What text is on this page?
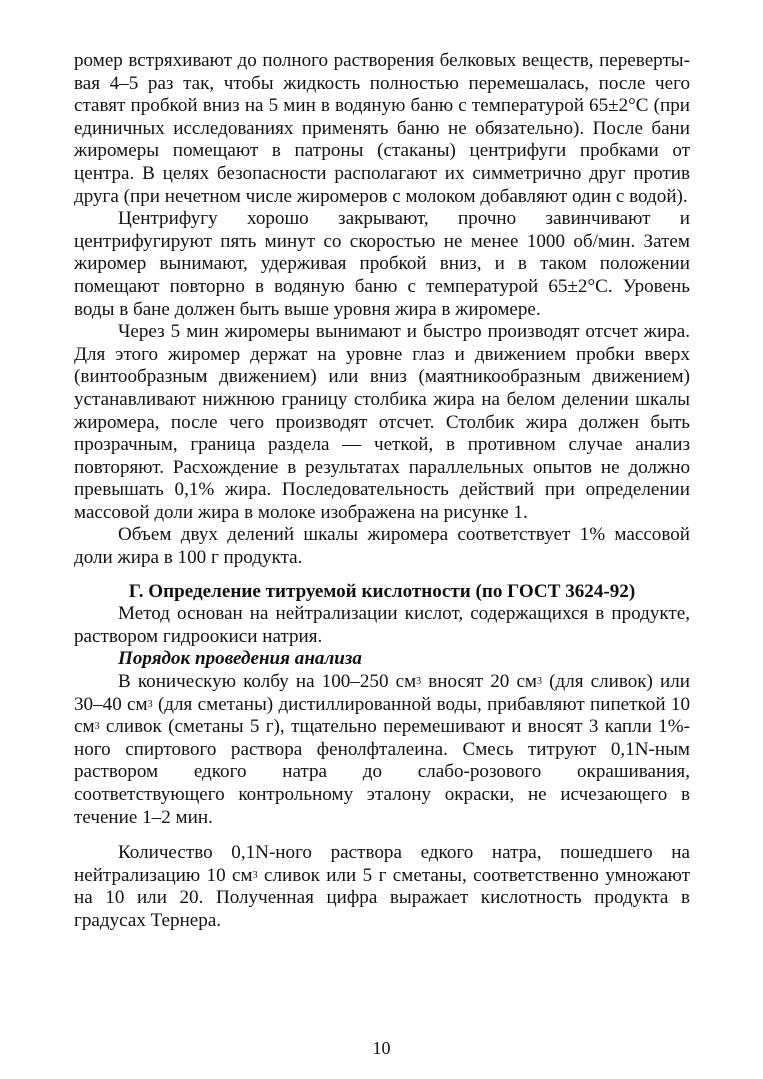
ромер встряхивают до полного растворения белковых веществ, перевертывая 4–5 раз так, чтобы жидкость полностью перемешалась, после чего ставят пробкой вниз на 5 мин в водяную баню с температурой 65±2°С (при единичных исследованиях применять баню не обязательно). После бани жиромеры помещают в патроны (стаканы) центрифуги пробками от центра. В целях безопасности располагают их симметрично друг против друга (при нечетном числе жиромеров с молоком добавляют один с водой).

Центрифугу хорошо закрывают, прочно завинчивают и центрифугируют пять минут со скоростью не менее 1000 об/мин. Затем жиромер вынимают, удерживая пробкой вниз, и в таком положении помещают повторно в водяную баню с температурой 65±2°С. Уровень воды в бане должен быть выше уровня жира в жиромере.

Через 5 мин жиромеры вынимают и быстро производят отсчет жира. Для этого жиромер держат на уровне глаз и движением пробки вверх (винтообразным движением) или вниз (маятникообразным движением) устанавливают нижнюю границу столбика жира на белом делении шкалы жиромера, после чего производят отсчет. Столбик жира должен быть прозрачным, граница раздела — четкой, в противном случае анализ повторяют. Расхождение в результатах параллельных опытов не должно превышать 0,1% жира. Последовательность действий при определении массовой доли жира в молоке изображена на рисунке 1.

Объем двух делений шкалы жиромера соответствует 1% массовой доли жира в 100 г продукта.

Г. Определение титруемой кислотности (по ГОСТ 3624-92)

Метод основан на нейтрализации кислот, содержащихся в продукте, раствором гидроокиси натрия.

Порядок проведения анализа

В коническую колбу на 100–250 $см^3$ вносят 20 $см^3$ (для сливок) или 30–40 $см^3$ (для сметаны) дистиллированной воды, прибавляют пипеткой 10 $см^3$ сливок (сметаны 5 г), тщательно перемешивают и вносят 3 капли 1%-ного спиртового раствора фенолфталеина. Смесь титруют 0,1N-ным раствором едкого натра до слабо-розового окрашивания, соответствующего контрольному эталону окраски, не исчезающего в течение 1–2 мин.

Количество 0,1N-ного раствора едкого натра, пошедшего на нейтрализацию 10 $см^3$ сливок или 5 г сметаны, соответственно умножают на 10 или 20. Полученная цифра выражает кислотность продукта в градусах Тернера.

10
